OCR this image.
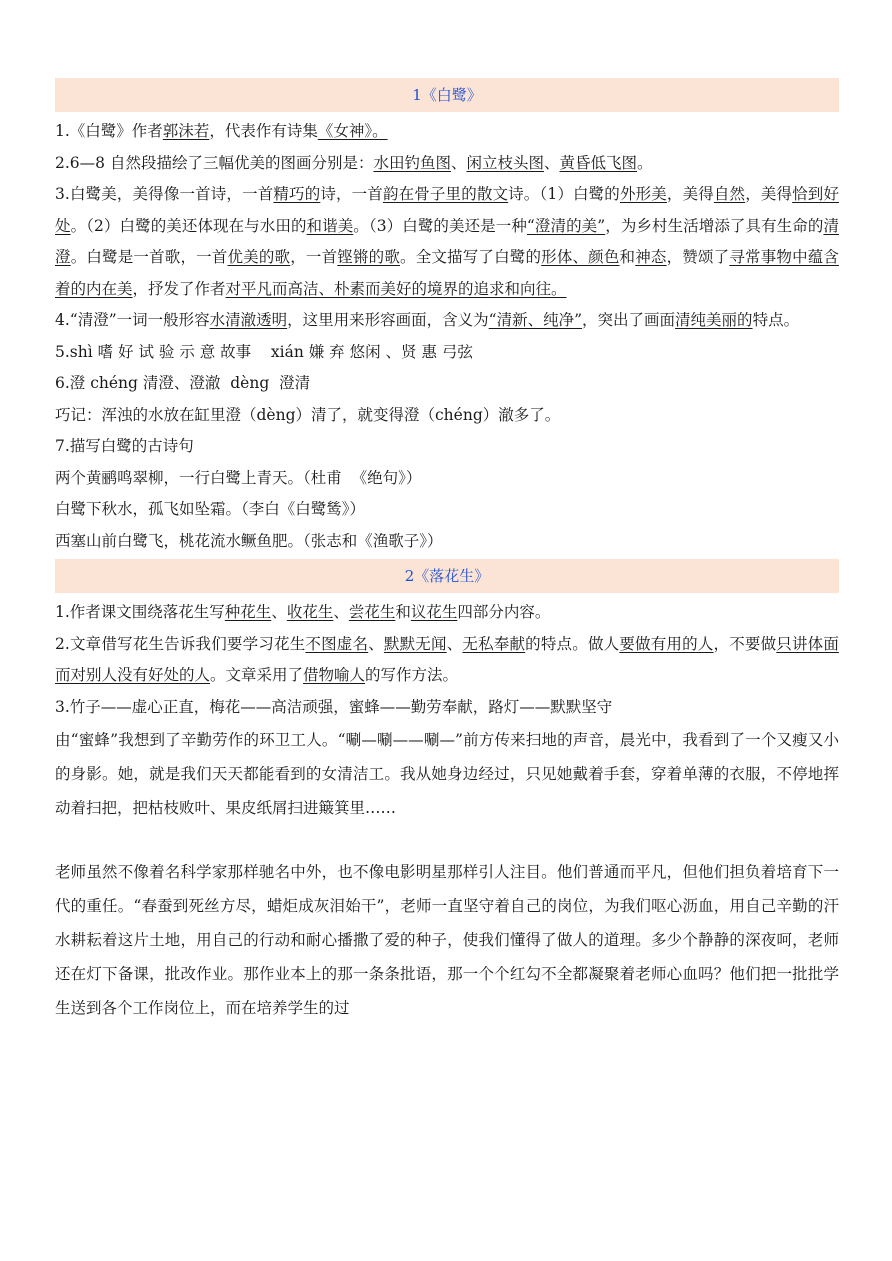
1《白鹭》
1.《白鹭》作者郭沫若，代表作有诗集《女神》。
2.6—8 自然段描绘了三幅优美的图画分别是：水田钓鱼图、闲立枝头图、黄昏低飞图。
3.白鹭美，美得像一首诗，一首精巧的诗，一首韵在骨子里的散文诗。（1）白鹭的外形美，美得自然，美得恰到好处。（2）白鹭的美还体现在与水田的和谐美。（3）白鹭的美还是一种“澄清的美”，为乡村生活增添了具有生命的清澄。白鹭是一首歌，一首优美的歌，一首铿锵的歌。全文描写了白鹭的形体、颜色和神态，赞颂了寻常事物中蕴含着的内在美，抒发了作者对平凡而高洁、朴素而美好的境界的追求和向往。
4.“清澄”一词一般形容水清澈透明，这里用来形容画面，含义为“清新、纯净”，突出了画面清纯美丽的特点。
5.shì 嗜 好 试 验 示 意 故事    xián 嫌 弃 悠闲 、贤 惠 弓弦
6.澄 chéng 清澄、澄澈  dèng  澄清
巧记：浑浊的水放在缸里澄（dèng）清了，就变得澄（chéng）澈多了。
7.描写白鹭的古诗句
两个黄鹂鸣翠柳，一行白鹭上青天。（杜甫  《绝句》）
白鹭下秋水，孤飞如坠霜。（李白《白鹭鸶》）
西塞山前白鹭飞，桃花流水鳜鱼肥。（张志和《渔歌子》）
2《落花生》
1.作者课文围绕落花生写种花生、收花生、尝花生和议花生四部分内容。
2.文章借写花生告诉我们要学习花生不图虚名、默默无闻、无私奉献的特点。做人要做有用的人，不要做只讲体面而对别人没有好处的人。文章采用了借物喻人的写作方法。
3.竹子——虚心正直，梅花——高洁顽强，蜜蜂——勤劳奉献，路灯——默默坚守
由“蜜蜂”我想到了辛勤劳作的环卫工人。“唰—唰——唰—”前方传来扫地的声音，晨光中，我看到了一个又瘦又小的身影。她，就是我们天天都能看到的女清洁工。我从她身边经过，只见她戴着手套，穿着单薄的衣服，不停地挥动着扫把，把枯枝败叶、果皮纸屑扫进簸箕里……
老师虽然不像着名科学家那样驰名中外，也不像电影明星那样引人注目。他们普通而平凡，但他们担负着培育下一代的重任。“春蚕到死丝方尽，蜡炬成灰泪始干”，老师一直坚守着自己的岗位，为我们呕心沥血，用自己辛勤的汗水耕耘着这片土地，用自己的行动和耐心播撒了爱的种子，使我们懂得了做人的道理。多少个静静的深夜呵，老师还在灯下备课，批改作业。那作业本上的那一条条批语，那一个个红勾不全都凝聚着老师心血吗？他们把一批批学生送到各个工作岗位上，而在培养学生的过
